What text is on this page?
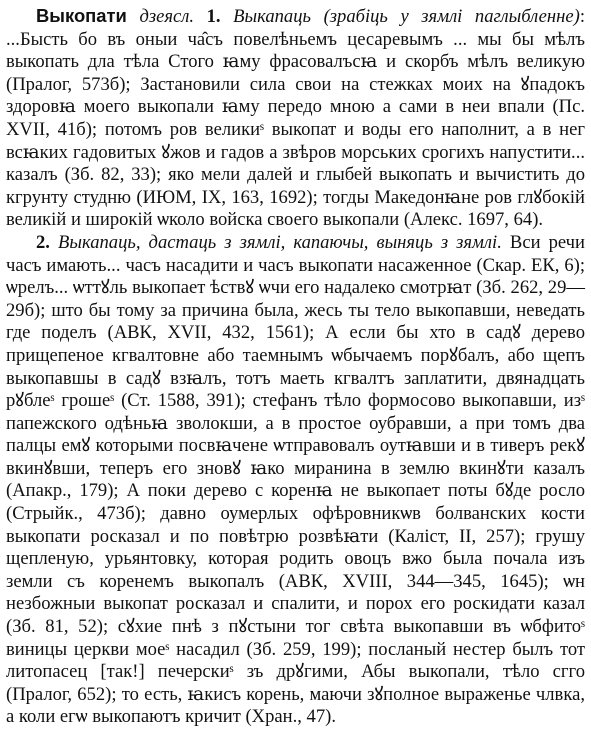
Выкопати дзеясл. 1. Выкапаць (зрабіць у зямлі паглыбленне): ...Бысть бо въ оныи ча̂съ повелѣньемъ цесаревымъ ... мы бы мѣлъ выкопать дла тѣла Стого ꙗму фрасовалъсꙗ и скорбъ мѣлъ великую (Пралог, 573б); Застановили сила свои на стежках моих на ꙋпадокъ здоровꙗ моего выкопали ꙗму передо мною а сами в неи впали (Пс. XVII, 41б); потомъ ров великиˢ выкопат и воды его наполнит, а в нег всꙗких гадовитых ꙋжов и гадов а звѣров морських срогихъ напустити... казалъ (Зб. 82, 33); яко мели далей и глыбей выкопать и вычистить до кгрунту студню (ИЮМ, IX, 163, 1692); тогды Македонꙗне ров глꙋбокій великій и широкій ѡколо войска своего выкопали (Алекс. 1697, 64).

2. Выкапаць, дастаць з зямлі, капаючы, выняць з зямлі. Вси речи часъ имають... часъ насадити и часъ выкопати насаженное (Скар. ЕК, 6); ѡрелъ... ѡттꙋль выкопает ѣствꙋ ѡчи его надалеко смотрꙗт (Зб. 262, 29—29б); што бы тому за причина была, жесь ты тело выкопавши, неведать где поделъ (АВК, XVII, 432, 1561); А если бы хто в садꙋ дерево прищепеное кгвалтовне або таемнымъ ѡбычаемъ порꙋбалъ, або щепъ выкопавшы в садꙋ взꙗлъ, тотъ маеть кгвалтъ заплатити, двянадцать рꙋблеˢ грошеˢ (Ст. 1588, 391); стефанъ тѣло формосово выкопавши, изˢ папежского одѣньꙗ зволокши, а в простое оубравши, а при томъ два палцы емꙋ которыми посвꙗчене ѡтправовалъ оутꙗвши и в тиверъ рекꙋ вкинꙋвши, теперъ его зновꙋ ꙗко миранина в землю вкинꙋти казалъ (Апакр., 179); А поки дерево с коренꙗ не выкопает поты бꙋде росло (Стрыйк., 473б); давно оумерлых офѣровникѡв болванских кости выкопати росказал и по повѣтрю розвѣꙗти (Калiст, II, 257); грушу щепленую, урьянтовку, которая родить овоцъ вжо была почала изъ земли съ коренемъ выкопалъ (АВК, XVIII, 344—345, 1645); ѡн незбожныи выкопат росказал и спалити, и порох его роскидати казал (Зб. 81, 52); сꙋхие пнѣ з пꙋстыни тог свѣта выкопавши въ ѡбфитоˢ виницы церкви моеˢ насадил (Зб. 259, 199); посланый нестер былъ тот литопасец [так!] печерскиˢ зъ дрꙋгими, Абы выкопали, тѣло сгго (Пралог, 652); то есть, ꙗкисъ корень, маючи зꙋполное выраженье члвка, а коли егѡ выкопаютъ кричит (Хран., 47).
